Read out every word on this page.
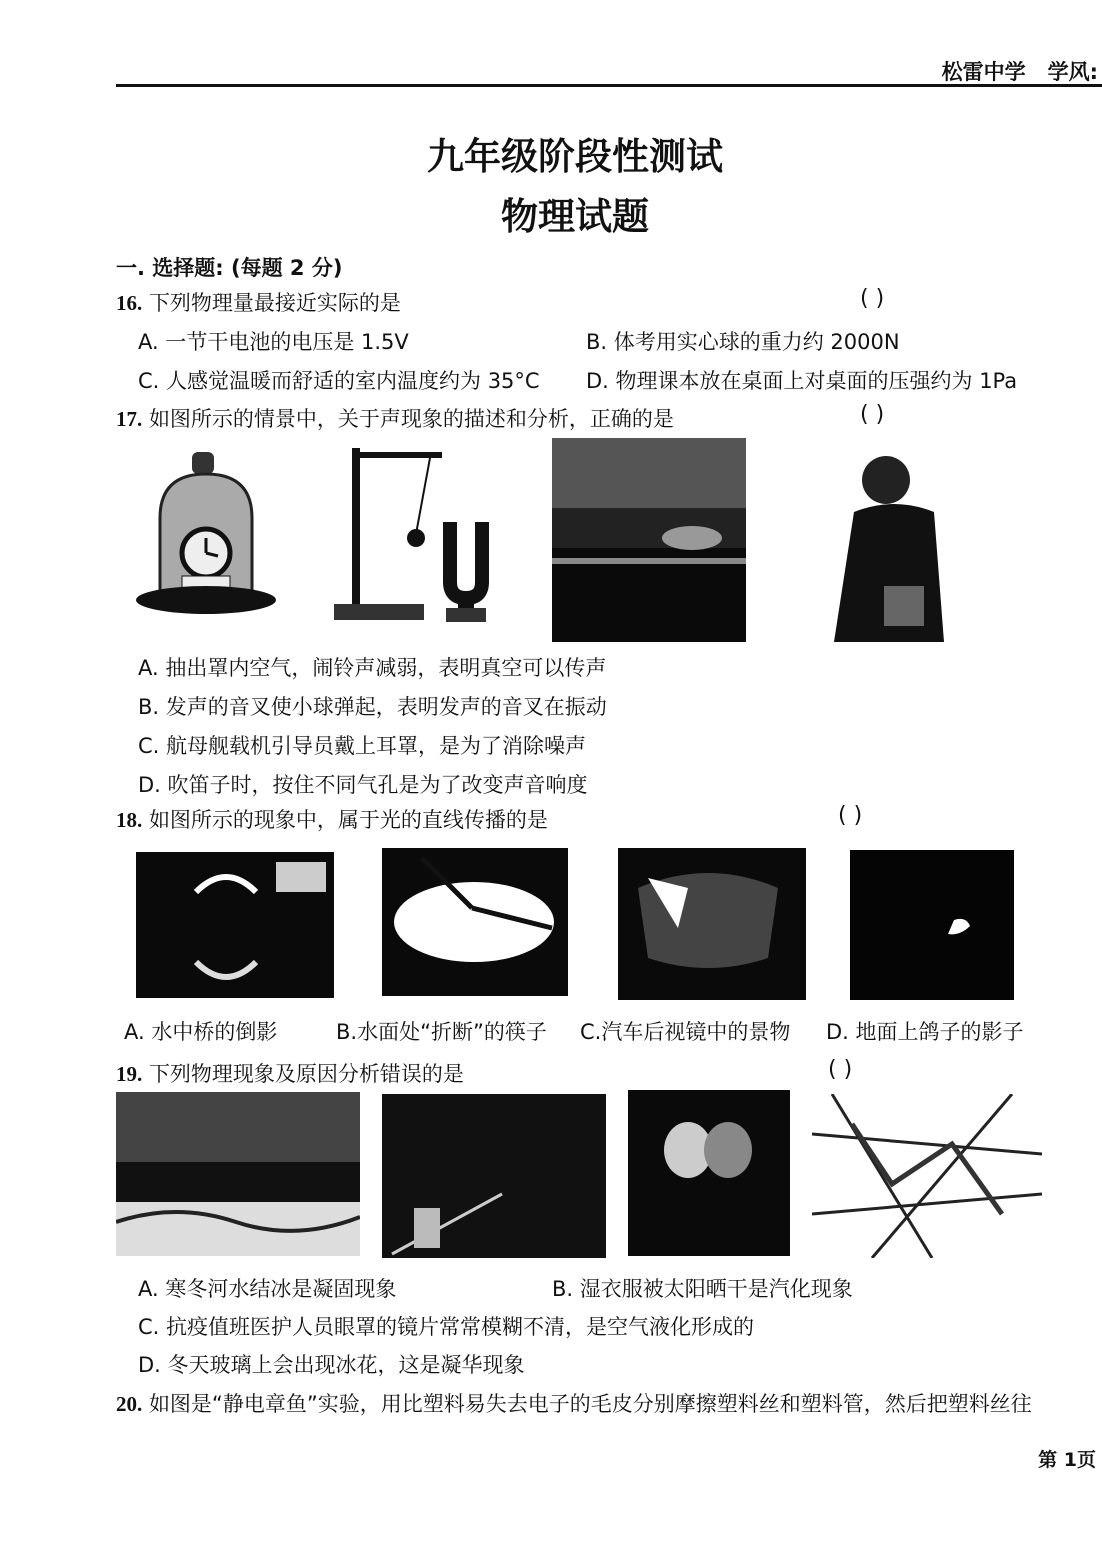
松雷中学 学风:
九年级阶段性测试
物理试题
一. 选择题: (每题 2 分)
16. 下列物理量最接近实际的是	( )
A. 一节干电池的电压是 1.5V	B. 体考用实心球的重力约 2000N
C. 人感觉温暖而舒适的室内温度约为 35°C D. 物理课本放在桌面上对桌面的压强约为 1Pa
17. 如图所示的情景中，关于声现象的描述和分析，正确的是	( )
A. 抽出罩内空气，闹铃声减弱，表明真空可以传声
B. 发声的音叉使小球弹起，表明发声的音叉在振动
C. 航母舰载机引导员戴上耳罩，是为了消除噪声
D. 吹笛子时，按住不同气孔是为了改变声音响度
18. 如图所示的现象中，属于光的直线传播的是	( )
A. 水中桥的倒影	B.水面处“折断”的筷子 C.汽车后视镜中的景物 D. 地面上鸽子的影子
19. 下列物理现象及原因分析错误的是	( )
A. 寒冬河水结冰是凝固现象	B. 湿衣服被太阳晒干是汽化现象
C. 抗疫值班医护人员眼罩的镜片常常模糊不清，是空气液化形成的
D. 冬天玻璃上会出现冰花，这是凝华现象
20. 如图是“静电章鱼”实验，用比塑料易失去电子的毛皮分别摩擦塑料丝和塑料管，然后把塑料丝往
第 1页
